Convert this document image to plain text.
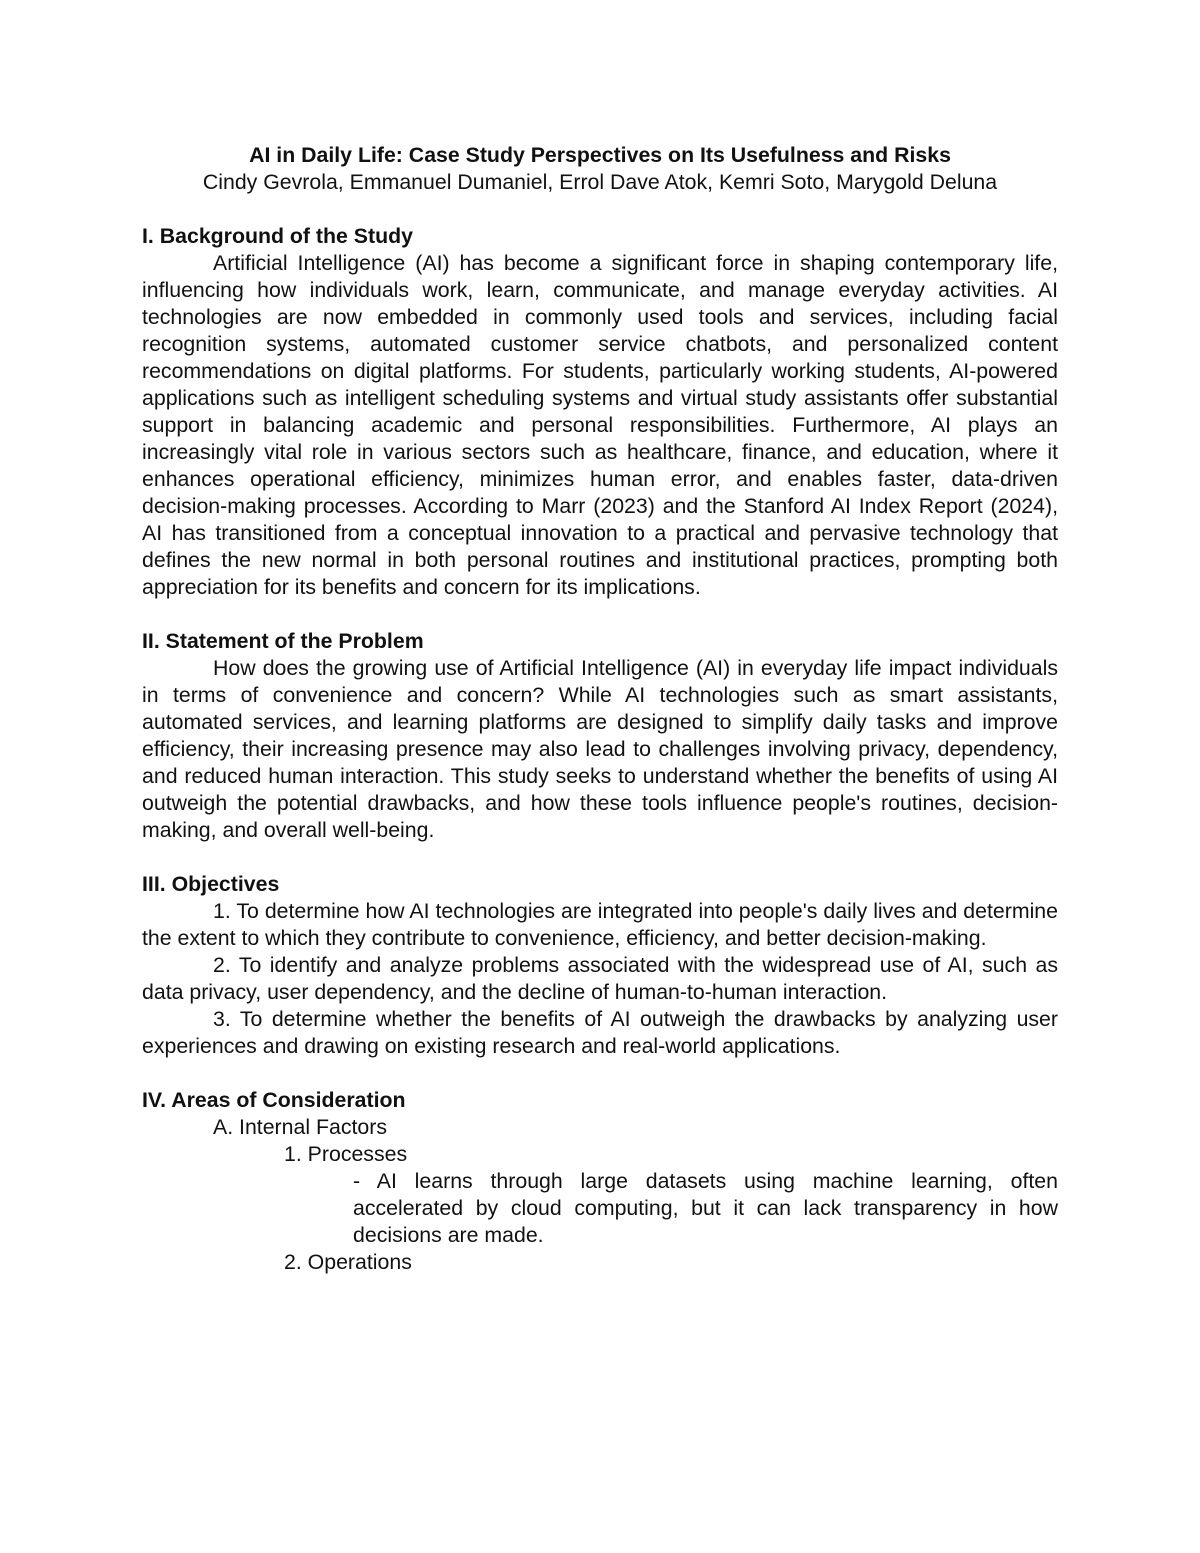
AI in Daily Life: Case Study Perspectives on Its Usefulness and Risks

Cindy Gevrola, Emmanuel Dumaniel, Errol Dave Atok, Kemri Soto, Marygold Deluna

I. Background of the Study

Artificial Intelligence (AI) has become a significant force in shaping contemporary life, influencing how individuals work, learn, communicate, and manage everyday activities. AI technologies are now embedded in commonly used tools and services, including facial recognition systems, automated customer service chatbots, and personalized content recommendations on digital platforms. For students, particularly working students, AI-powered applications such as intelligent scheduling systems and virtual study assistants offer substantial support in balancing academic and personal responsibilities. Furthermore, AI plays an increasingly vital role in various sectors such as healthcare, finance, and education, where it enhances operational efficiency, minimizes human error, and enables faster, data-driven decision-making processes. According to Marr (2023) and the Stanford AI Index Report (2024), AI has transitioned from a conceptual innovation to a practical and pervasive technology that defines the new normal in both personal routines and institutional practices, prompting both appreciation for its benefits and concern for its implications.

II. Statement of the Problem

How does the growing use of Artificial Intelligence (AI) in everyday life impact individuals in terms of convenience and concern? While AI technologies such as smart assistants, automated services, and learning platforms are designed to simplify daily tasks and improve efficiency, their increasing presence may also lead to challenges involving privacy, dependency, and reduced human interaction. This study seeks to understand whether the benefits of using AI outweigh the potential drawbacks, and how these tools influence people's routines, decision-making, and overall well-being.

III. Objectives

1. To determine how AI technologies are integrated into people's daily lives and determine the extent to which they contribute to convenience, efficiency, and better decision-making.

2. To identify and analyze problems associated with the widespread use of AI, such as data privacy, user dependency, and the decline of human-to-human interaction.

3. To determine whether the benefits of AI outweigh the drawbacks by analyzing user experiences and drawing on existing research and real-world applications.

IV. Areas of Consideration

A. Internal Factors

1. Processes

- AI learns through large datasets using machine learning, often accelerated by cloud computing, but it can lack transparency in how decisions are made.

2. Operations
